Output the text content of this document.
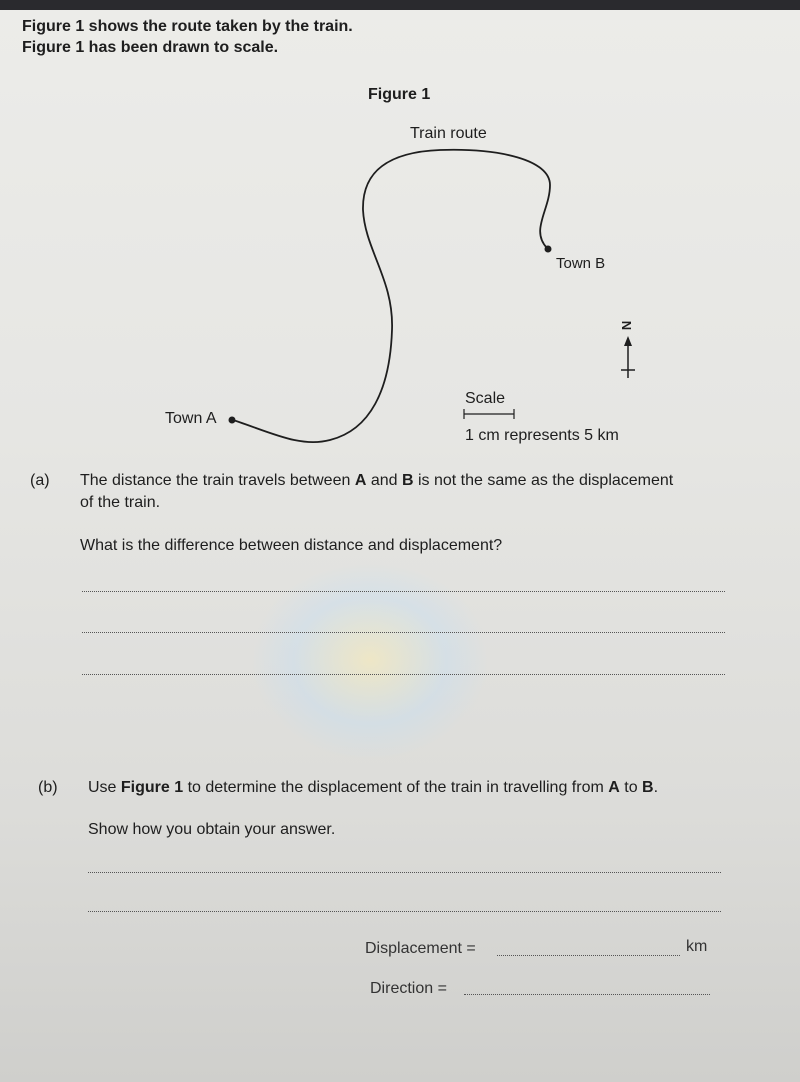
Figure 1 shows the route taken by the train.
Figure 1 has been drawn to scale.
Figure 1
Train route
Town B
Town A
N
Scale
1 cm represents 5 km
(a) The distance the train travels between A and B is not the same as the displacement
of the train.
What is the difference between distance and displacement?
(b) Use Figure 1 to determine the displacement of the train in travelling from A to B.
Show how you obtain your answer.
Displacement =	km
Direction =
